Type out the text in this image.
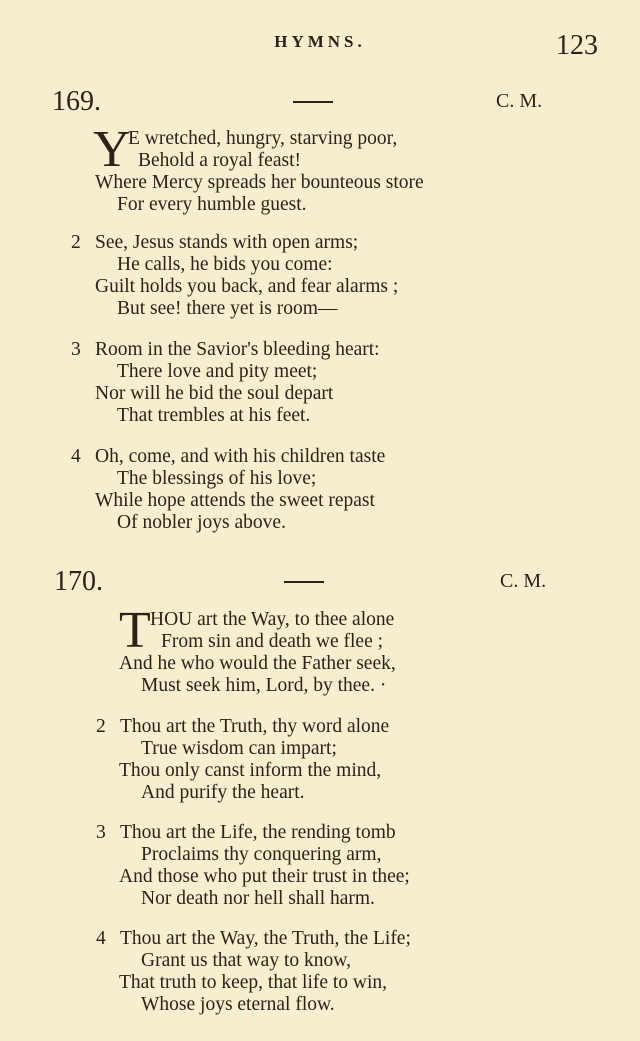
HYMNS.	123
169.	C. M.
Y
E wretched, hungry, starving poor,
Behold a royal feast!
Where Mercy spreads her bounteous store
For every humble guest.
2 See, Jesus stands with open arms;
He calls, he bids you come:
Guilt holds you back, and fear alarms ;
But see! there yet is room—
3 Room in the Savior's bleeding heart:
There love and pity meet;
Nor will he bid the soul depart
That trembles at his feet.
4 Oh, come, and with his children taste
The blessings of his love;
While hope attends the sweet repast
Of nobler joys above.
170.	C. M.
T HOU art the Way, to thee alone
From sin and death we flee ;
And he who would the Father seek,
Must seek him, Lord, by thee. ·
2 Thou art the Truth, thy word alone
True wisdom can impart;
Thou only canst inform the mind,
And purify the heart.
3 Thou art the Life, the rending tomb
Proclaims thy conquering arm,
And those who put their trust in thee;
Nor death nor hell shall harm.
4 Thou art the Way, the Truth, the Life;
Grant us that way to know,
That truth to keep, that life to win,
Whose joys eternal flow.
